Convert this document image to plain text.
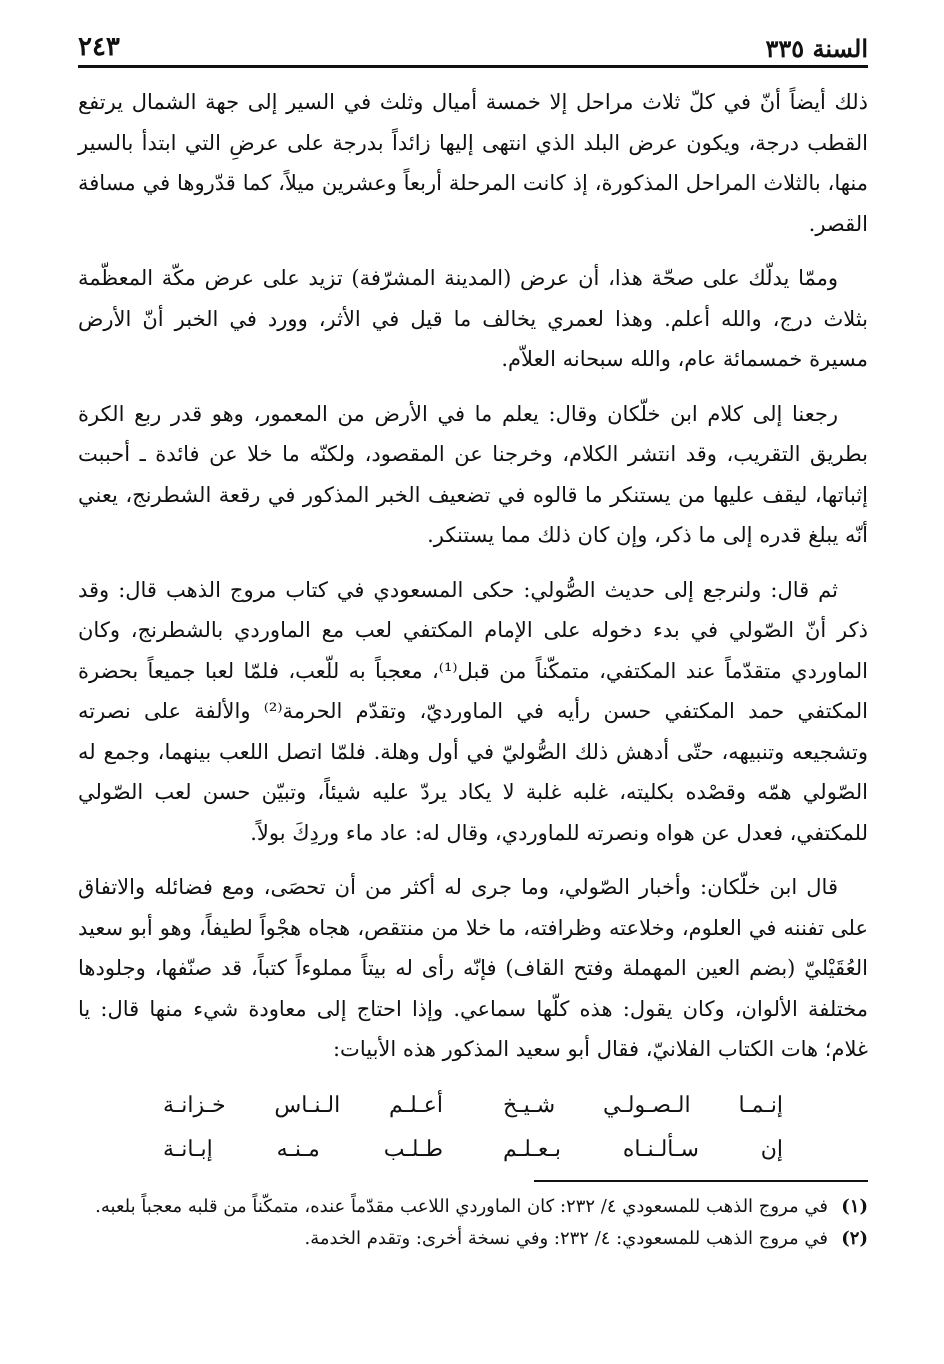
السنة ٣٣٥
٢٤٣

ذلك أيضاً أنّ في كلّ ثلاث مراحل إلا خمسة أميال وثلث في السير إلى جهة الشمال يرتفع القطب درجة، ويكون عرض البلد الذي انتهى إليها زائداً بدرجة على عرضِ التي ابتدأ بالسير منها، بالثلاث المراحل المذكورة، إذ كانت المرحلة أربعاً وعشرين ميلاً، كما قدّروها في مسافة القصر.

وممّا يدلّك على صحّة هذا، أن عرض (المدينة المشرّفة) تزيد على عرض مكّة المعظّمة بثلاث درج، والله أعلم. وهذا لعمري يخالف ما قيل في الأثر، وورد في الخبر أنّ الأرض مسيرة خمسمائة عام، والله سبحانه العلاّم.

رجعنا إلى كلام ابن خلّكان وقال: يعلم ما في الأرض من المعمور، وهو قدر ربع الكرة بطريق التقريب، وقد انتشر الكلام، وخرجنا عن المقصود، ولكنّه ما خلا عن فائدة ـ أحببت إثباتها، ليقف عليها من يستنكر ما قالوه في تضعيف الخبر المذكور في رقعة الشطرنج، يعني أنّه يبلغ قدره إلى ما ذكر، وإن كان ذلك مما يستنكر.

ثم قال: ولنرجع إلى حديث الصُّولي: حكى المسعودي في كتاب مروج الذهب قال: وقد ذكر أنّ الصّولي في بدء دخوله على الإمام المكتفي لعب مع الماوردي بالشطرنج، وكان الماوردي متقدّماً عند المكتفي، متمكّناً من قبل⁽¹⁾، معجباً به للّعب، فلمّا لعبا جميعاً بحضرة المكتفي حمد المكتفي حسن رأيه في الماورديّ، وتقدّم الحرمة⁽²⁾ والألفة على نصرته وتشجيعه وتنبيهه، حتّى أدهش ذلك الصُّوليّ في أول وهلة. فلمّا اتصل اللعب بينهما، وجمع له الصّولي همّه وقصْده بكليته، غلبه غلبة لا يكاد يردّ عليه شيئاً، وتبيّن حسن لعب الصّولي للمكتفي، فعدل عن هواه ونصرته للماوردي، وقال له: عاد ماء وردِكَ بولاً.

قال ابن خلّكان: وأخبار الصّولي، وما جرى له أكثر من أن تحصَى، ومع فضائله والاتفاق على تفننه في العلوم، وخلاعته وظرافته، ما خلا من منتقص، هجاه هجْواً لطيفاً، وهو أبو سعيد العُقَيْليّ (بضم العين المهملة وفتح القاف) فإنّه رأى له بيتاً مملوءاً كتباً، قد صنّفها، وجلودها مختلفة الألوان، وكان يقول: هذه كلّها سماعي. وإذا احتاج إلى معاودة شيء منها قال: يا غلام؛ هات الكتاب الفلانيّ، فقال أبو سعيد المذكور هذه الأبيات:

إنـمـا الـصـولـي شـيـخ
أعـلـم الـنـاس خـزانـة
إن سـألـنـاه بـعـلـم
طـلـب مـنـه إبـانـة
(١)
في مروج الذهب للمسعودي ٤/ ٢٣٢: كان الماوردي اللاعب مقدّماً عنده، متمكّناً من قلبه معجباً بلعبه.
(٢)
في مروج الذهب للمسعودي: ٤/ ٢٣٢: وفي نسخة أخرى: وتقدم الخدمة.
